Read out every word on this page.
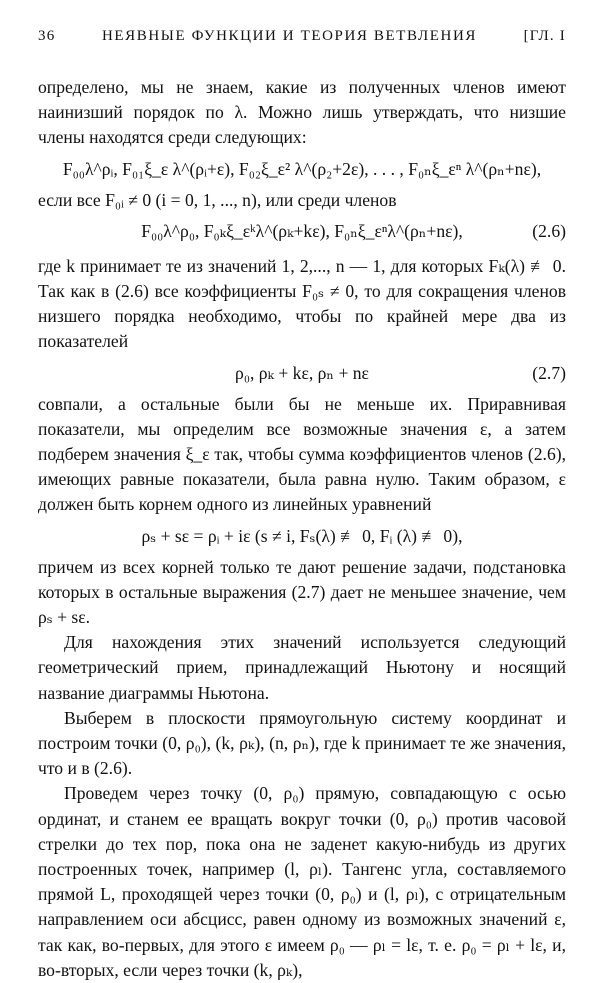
36	НЕЯВНЫЕ ФУНКЦИИ И ТЕОРИЯ ВЕТВЛЕНИЯ	[ГЛ. I

определено, мы не знаем, какие из полученных членов имеют наинизший порядок по λ. Можно лишь утверждать, что низшие члены находятся среди следующих:

F₀₀λ^ρᵢ, F₀₁ξ_ε λ^(ρᵢ+ε), F₀₂ξ_ε² λ^(ρ₂+2ε), . . . , F₀ₙξ_εⁿ λ^(ρₙ+nε),

если все F₀ᵢ ≠ 0 (i = 0, 1, ..., n), или среди членов

F₀₀λ^ρ₀, F₀ₖξ_εᵏλ^(ρₖ+kε), F₀ₙξ_εⁿλ^(ρₙ+nε),	(2.6)

где k принимает те из значений 1, 2,..., n — 1, для которых Fₖ(λ) ≢ 0. Так как в (2.6) все коэффициенты F₀ₛ ≠ 0, то для сокращения членов низшего порядка необходимо, чтобы по крайней мере два из показателей

ρ₀, ρₖ + kε, ρₙ + nε	(2.7)

совпали, а остальные были бы не меньше их. Приравнивая показатели, мы определим все возможные значения ε, а затем подберем значения ξ_ε так, чтобы сумма коэффициентов членов (2.6), имеющих равные показатели, была равна нулю. Таким образом, ε должен быть корнем одного из линейных уравнений

ρₛ + sε = ρᵢ + iε (s ≠ i, Fₛ(λ) ≢ 0, Fᵢ (λ) ≢ 0),

причем из всех корней только те дают решение задачи, подстановка которых в остальные выражения (2.7) дает не меньшее значение, чем ρₛ + sε.

Для нахождения этих значений используется следующий геометрический прием, принадлежащий Ньютону и носящий название диаграммы Ньютона.

Выберем в плоскости прямоугольную систему координат и построим точки (0, ρ₀), (k, ρₖ), (n, ρₙ), где k принимает те же значения, что и в (2.6).

Проведем через точку (0, ρ₀) прямую, совпадающую с осью ординат, и станем ее вращать вокруг точки (0, ρ₀) против часовой стрелки до тех пор, пока она не заденет какую-нибудь из других построенных точек, например (l, ρₗ). Тангенс угла, составляемого прямой L, проходящей через точки (0, ρ₀) и (l, ρₗ), с отрицательным направлением оси абсцисс, равен одному из возможных значений ε, так как, во-первых, для этого ε имеем ρ₀ — ρₗ = lε, т. е. ρ₀ = ρₗ + lε, и, во-вторых, если через точки (k, ρₖ),
